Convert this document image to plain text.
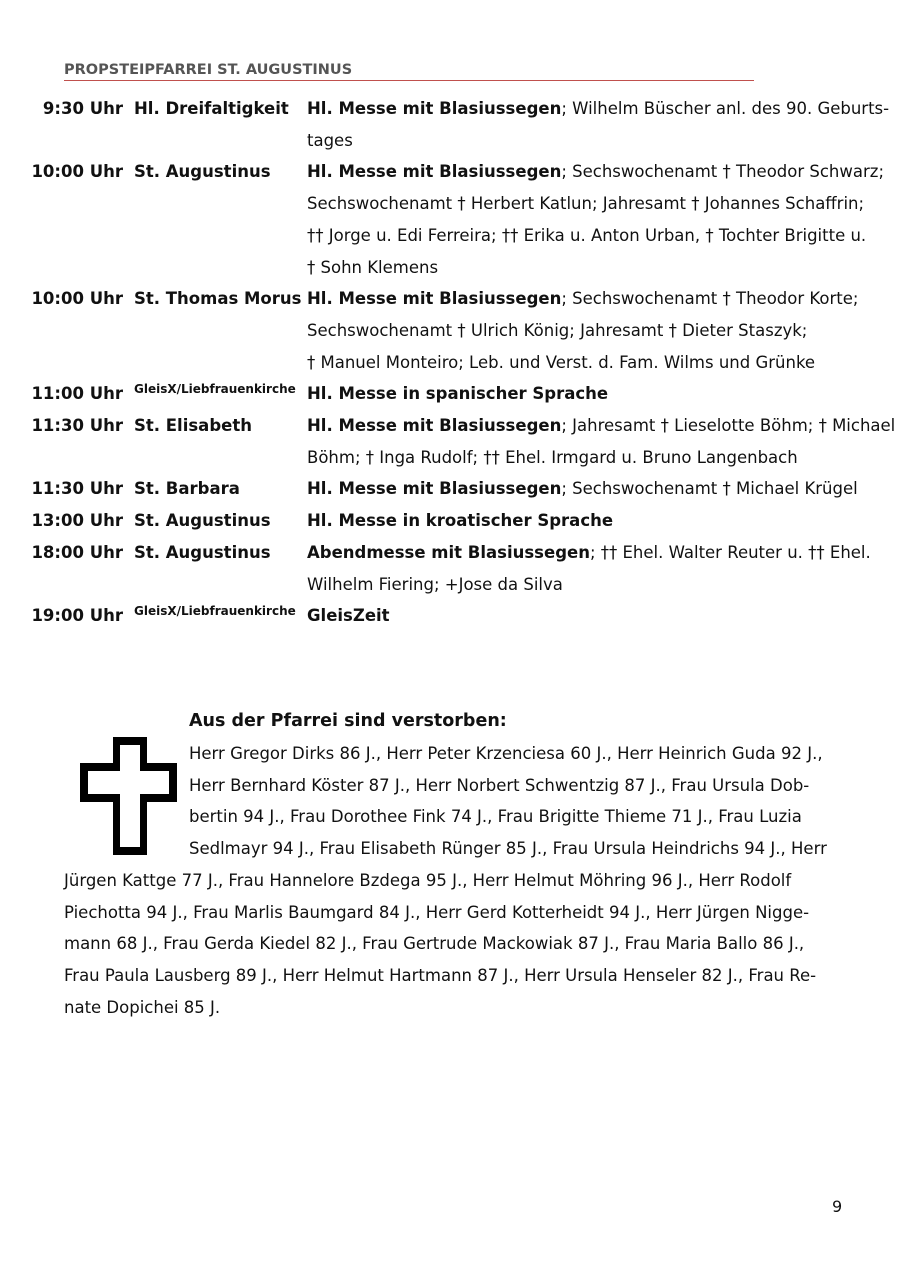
PROPSTEIPFARREI ST. AUGUSTINUS
9:30 Uhr Hl. Dreifaltigkeit Hl. Messe mit Blasiussegen; Wilhelm Büscher anl. des 90. Geburts-
tages
10:00 Uhr St. Augustinus Hl. Messe mit Blasiussegen; Sechswochenamt † Theodor Schwarz;
Sechswochenamt † Herbert Katlun; Jahresamt † Johannes Schaffrin;
†† Jorge u. Edi Ferreira; †† Erika u. Anton Urban, † Tochter Brigitte u.
† Sohn Klemens
10:00 Uhr St. Thomas Morus Hl. Messe mit Blasiussegen; Sechswochenamt † Theodor Korte;
Sechswochenamt † Ulrich König; Jahresamt † Dieter Staszyk;
† Manuel Monteiro; Leb. und Verst. d. Fam. Wilms und Grünke
11:00 Uhr GleisX/Liebfrauenkirche Hl. Messe in spanischer Sprache
11:30 Uhr St. Elisabeth	Hl. Messe mit Blasiussegen; Jahresamt † Lieselotte Böhm; † Michael
Böhm; † Inga Rudolf; †† Ehel. Irmgard u. Bruno Langenbach
11:30 Uhr St. Barbara	Hl. Messe mit Blasiussegen; Sechswochenamt † Michael Krügel
13:00 Uhr St. Augustinus Hl. Messe in kroatischer Sprache
18:00 Uhr St. Augustinus Abendmesse mit Blasiussegen; †† Ehel. Walter Reuter u. †† Ehel.
Wilhelm Fiering; +Jose da Silva
19:00 Uhr GleisX/Liebfrauenkirche GleisZeit
Aus der Pfarrei sind verstorben:
Herr Gregor Dirks 86 J., Herr Peter Krzenciesa 60 J., Herr Heinrich Guda 92 J.,
Herr Bernhard Köster 87 J., Herr Norbert Schwentzig 87 J., Frau Ursula Dob-
bertin 94 J., Frau Dorothee Fink 74 J., Frau Brigitte Thieme 71 J., Frau Luzia
Sedlmayr 94 J., Frau Elisabeth Rünger 85 J., Frau Ursula Heindrichs 94 J., Herr
Jürgen Kattge 77 J., Frau Hannelore Bzdega 95 J., Herr Helmut Möhring 96 J., Herr Rodolf
Piechotta 94 J., Frau Marlis Baumgard 84 J., Herr Gerd Kotterheidt 94 J., Herr Jürgen Nigge-
mann 68 J., Frau Gerda Kiedel 82 J., Frau Gertrude Mackowiak 87 J., Frau Maria Ballo 86 J.,
Frau Paula Lausberg 89 J., Herr Helmut Hartmann 87 J., Herr Ursula Henseler 82 J., Frau Re-
nate Dopichei 85 J.
9
